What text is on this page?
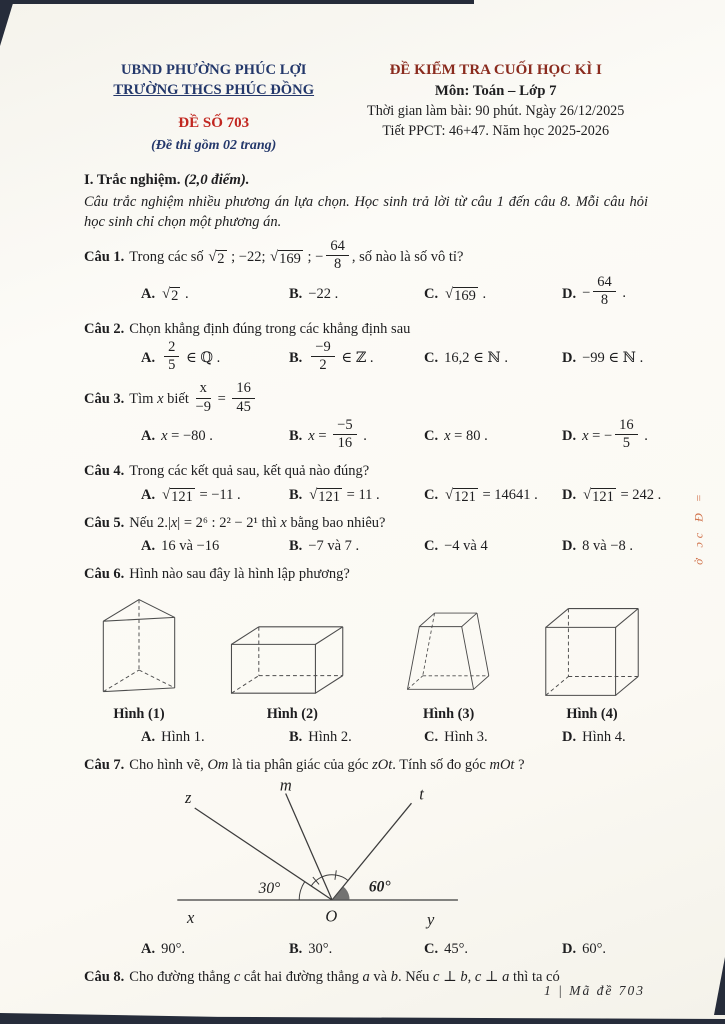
UBND PHƯỜNG PHÚC LỢI
TRƯỜNG THCS PHÚC ĐỒNG
ĐỀ SỐ 703
(Đề thi gồm 02 trang)
ĐỀ KIỂM TRA CUỐI HỌC KÌ I
Môn: Toán – Lớp 7
Thời gian làm bài: 90 phút. Ngày 26/12/2025
Tiết PPCT: 46+47. Năm học 2025-2026

I. Trắc nghiệm. (2,0 điểm).

Câu trắc nghiệm nhiều phương án lựa chọn. Học sinh trả lời từ câu 1 đến câu 8. Mỗi câu hỏi học sinh chỉ chọn một phương án.

Câu 1. Trong các số √ 2 ; −22; √ 169 ; − $\frac{64}{8}$ , số nào là số vô tỉ?

A. √ 2 .	B. −22 .	C. √ 169 .	D. − $\frac{64}{8}$ .

Câu 2. Chọn khẳng định đúng trong các khẳng định sau

A. $\frac{2}{5}$ ∈ ℚ .	B. $\frac{-9}{2}$ ∈ ℤ .	C. 16,2 ∈ ℕ .	D. −99 ∈ ℕ .

Câu 3. Tìm x biết $\frac{x}{-9} = \frac{16}{45}$

A. x = −80 .	B. $x = \frac{-5}{16}$ .	C. x = 80 .	D. x = − $\frac{16}{5}$ .

Câu 4. Trong các kết quả sau, kết quả nào đúng?

A. √ 121 = −11 .	B. √ 121 = 11 .	C. √ 121 = 14641 . D. √ 121 = 242 .

Câu 5. Nếu 2.|x| = 2⁶ : 2² − 2¹ thì x bằng bao nhiêu?

A. 16 và −16	B. −7 và 7 .	C. −4 và 4	D. 8 và −8 .

Câu 6. Hình nào sau đây là hình lập phương?

Hình (1)	Hình (2)	Hình (3)	Hình (4)
A. Hình 1.	B. Hình 2.	C. Hình 3.	D. Hình 4.

Câu 7. Cho hình vẽ, Om là tia phân giác của góc zOt. Tính số đo góc mOt ?

z
m	t
x	y
O
30°	60°
A. 90°.	B. 30°.	C. 45°.	D. 60°.

Câu 8. Cho đường thẳng c cắt hai đường thẳng a và b. Nếu c ⊥ b, c ⊥ a thì ta có

1 | Mã đề 703
ở ɔc Đ =
